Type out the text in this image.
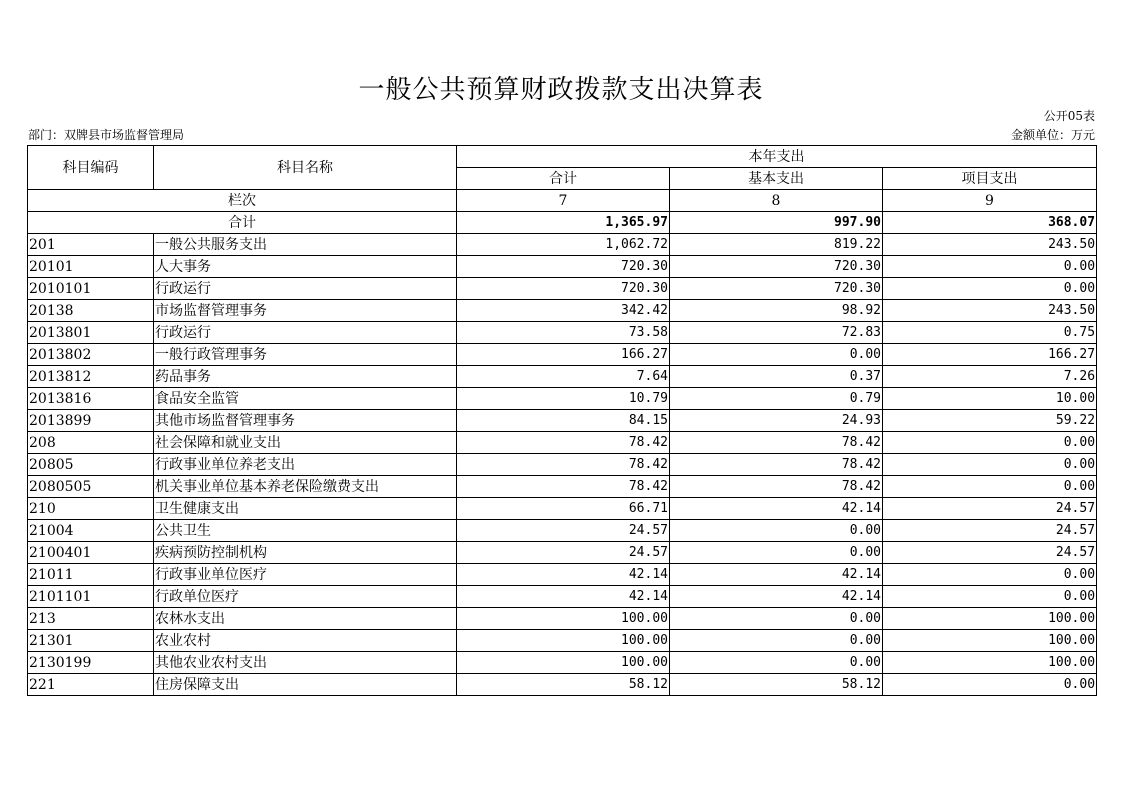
一般公共预算财政拨款支出决算表
公开05表
部门：双牌县市场监督管理局	金额单位：万元
科目编码	科目名称	本年支出		
		合计	基本支出	项目支出
栏次		7	8	9
合计		1,365.97	997.90	368.07
201	一般公共服务支出	1,062.72	819.22	243.50
20101	人大事务	720.30	720.30	0.00
2010101	行政运行	720.30	720.30	0.00
20138	市场监督管理事务	342.42	98.92	243.50
2013801	行政运行	73.58	72.83	0.75
2013802	一般行政管理事务	166.27	0.00	166.27
2013812	药品事务	7.64	0.37	7.26
2013816	食品安全监管	10.79	0.79	10.00
2013899	其他市场监督管理事务	84.15	24.93	59.22
208	社会保障和就业支出	78.42	78.42	0.00
20805	行政事业单位养老支出	78.42	78.42	0.00
2080505	机关事业单位基本养老保险缴费支出	78.42	78.42	0.00
210	卫生健康支出	66.71	42.14	24.57
21004	公共卫生	24.57	0.00	24.57
2100401	疾病预防控制机构	24.57	0.00	24.57
21011	行政事业单位医疗	42.14	42.14	0.00
2101101	行政单位医疗	42.14	42.14	0.00
213	农林水支出	100.00	0.00	100.00
21301	农业农村	100.00	0.00	100.00
2130199	其他农业农村支出	100.00	0.00	100.00
221	住房保障支出	58.12	58.12	0.00
